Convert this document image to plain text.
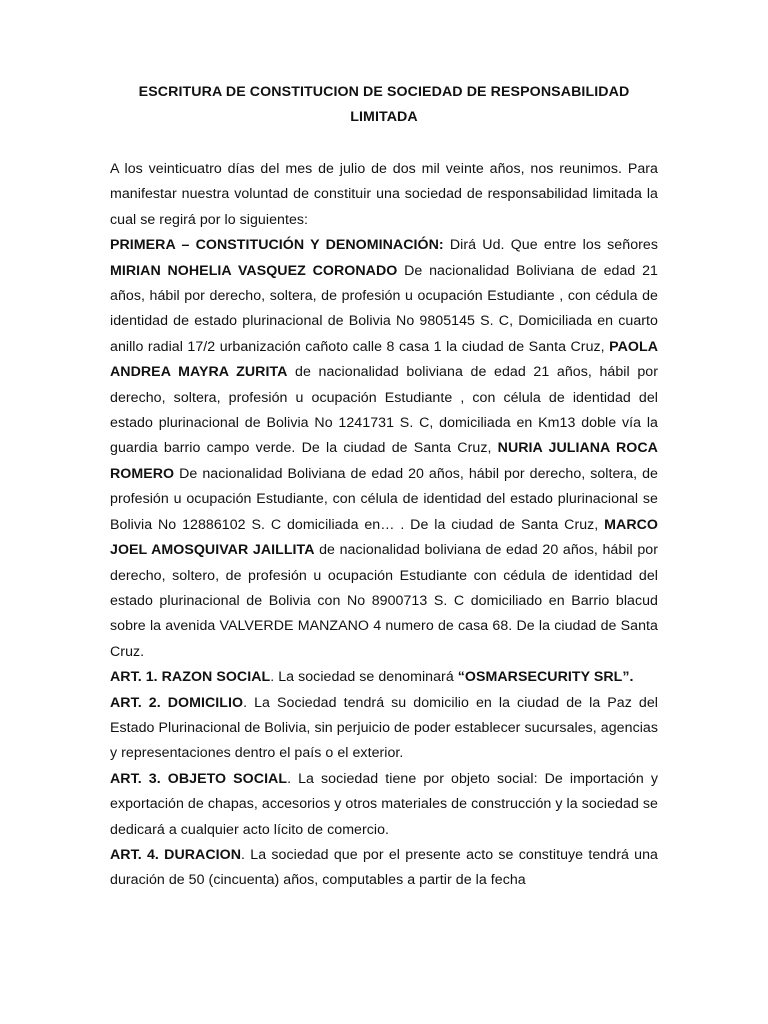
ESCRITURA DE CONSTITUCION DE SOCIEDAD DE RESPONSABILIDAD
LIMITADA

A los veinticuatro días del mes de julio de dos mil veinte años, nos reunimos. Para manifestar nuestra voluntad de constituir una sociedad de responsabilidad limitada la cual se regirá por lo siguientes:

PRIMERA – CONSTITUCIÓN Y DENOMINACIÓN: Dirá Ud. Que entre los señores MIRIAN NOHELIA VASQUEZ CORONADO De nacionalidad Boliviana de edad 21 años, hábil por derecho, soltera, de profesión u ocupación Estudiante , con cédula de identidad de estado plurinacional de Bolivia No 9805145 S. C, Domiciliada en cuarto anillo radial 17/2 urbanización cañoto calle 8 casa 1 la ciudad de Santa Cruz, PAOLA ANDREA MAYRA ZURITA de nacionalidad boliviana de edad 21 años, hábil por derecho, soltera, profesión u ocupación Estudiante , con célula de identidad del estado plurinacional de Bolivia No 1241731 S. C, domiciliada en Km13 doble vía la guardia barrio campo verde. De la ciudad de Santa Cruz, NURIA JULIANA ROCA ROMERO De nacionalidad Boliviana de edad 20 años, hábil por derecho, soltera, de profesión u ocupación Estudiante, con célula de identidad del estado plurinacional se Bolivia No 12886102 S. C domiciliada en… . De la ciudad de Santa Cruz, MARCO JOEL AMOSQUIVAR JAILLITA de nacionalidad boliviana de edad 20 años, hábil por derecho, soltero, de profesión u ocupación Estudiante con cédula de identidad del estado plurinacional de Bolivia con No 8900713 S. C domiciliado en Barrio blacud sobre la avenida VALVERDE MANZANO 4 numero de casa 68. De la ciudad de Santa Cruz.

ART. 1. RAZON SOCIAL. La sociedad se denominará “OSMARSECURITY SRL”.

ART. 2. DOMICILIO. La Sociedad tendrá su domicilio en la ciudad de la Paz del Estado Plurinacional de Bolivia, sin perjuicio de poder establecer sucursales, agencias y representaciones dentro el país o el exterior.

ART. 3. OBJETO SOCIAL. La sociedad tiene por objeto social: De importación y exportación de chapas, accesorios y otros materiales de construcción y la sociedad se dedicará a cualquier acto lícito de comercio.

ART. 4. DURACION. La sociedad que por el presente acto se constituye tendrá una duración de 50 (cincuenta) años, computables a partir de la fecha
